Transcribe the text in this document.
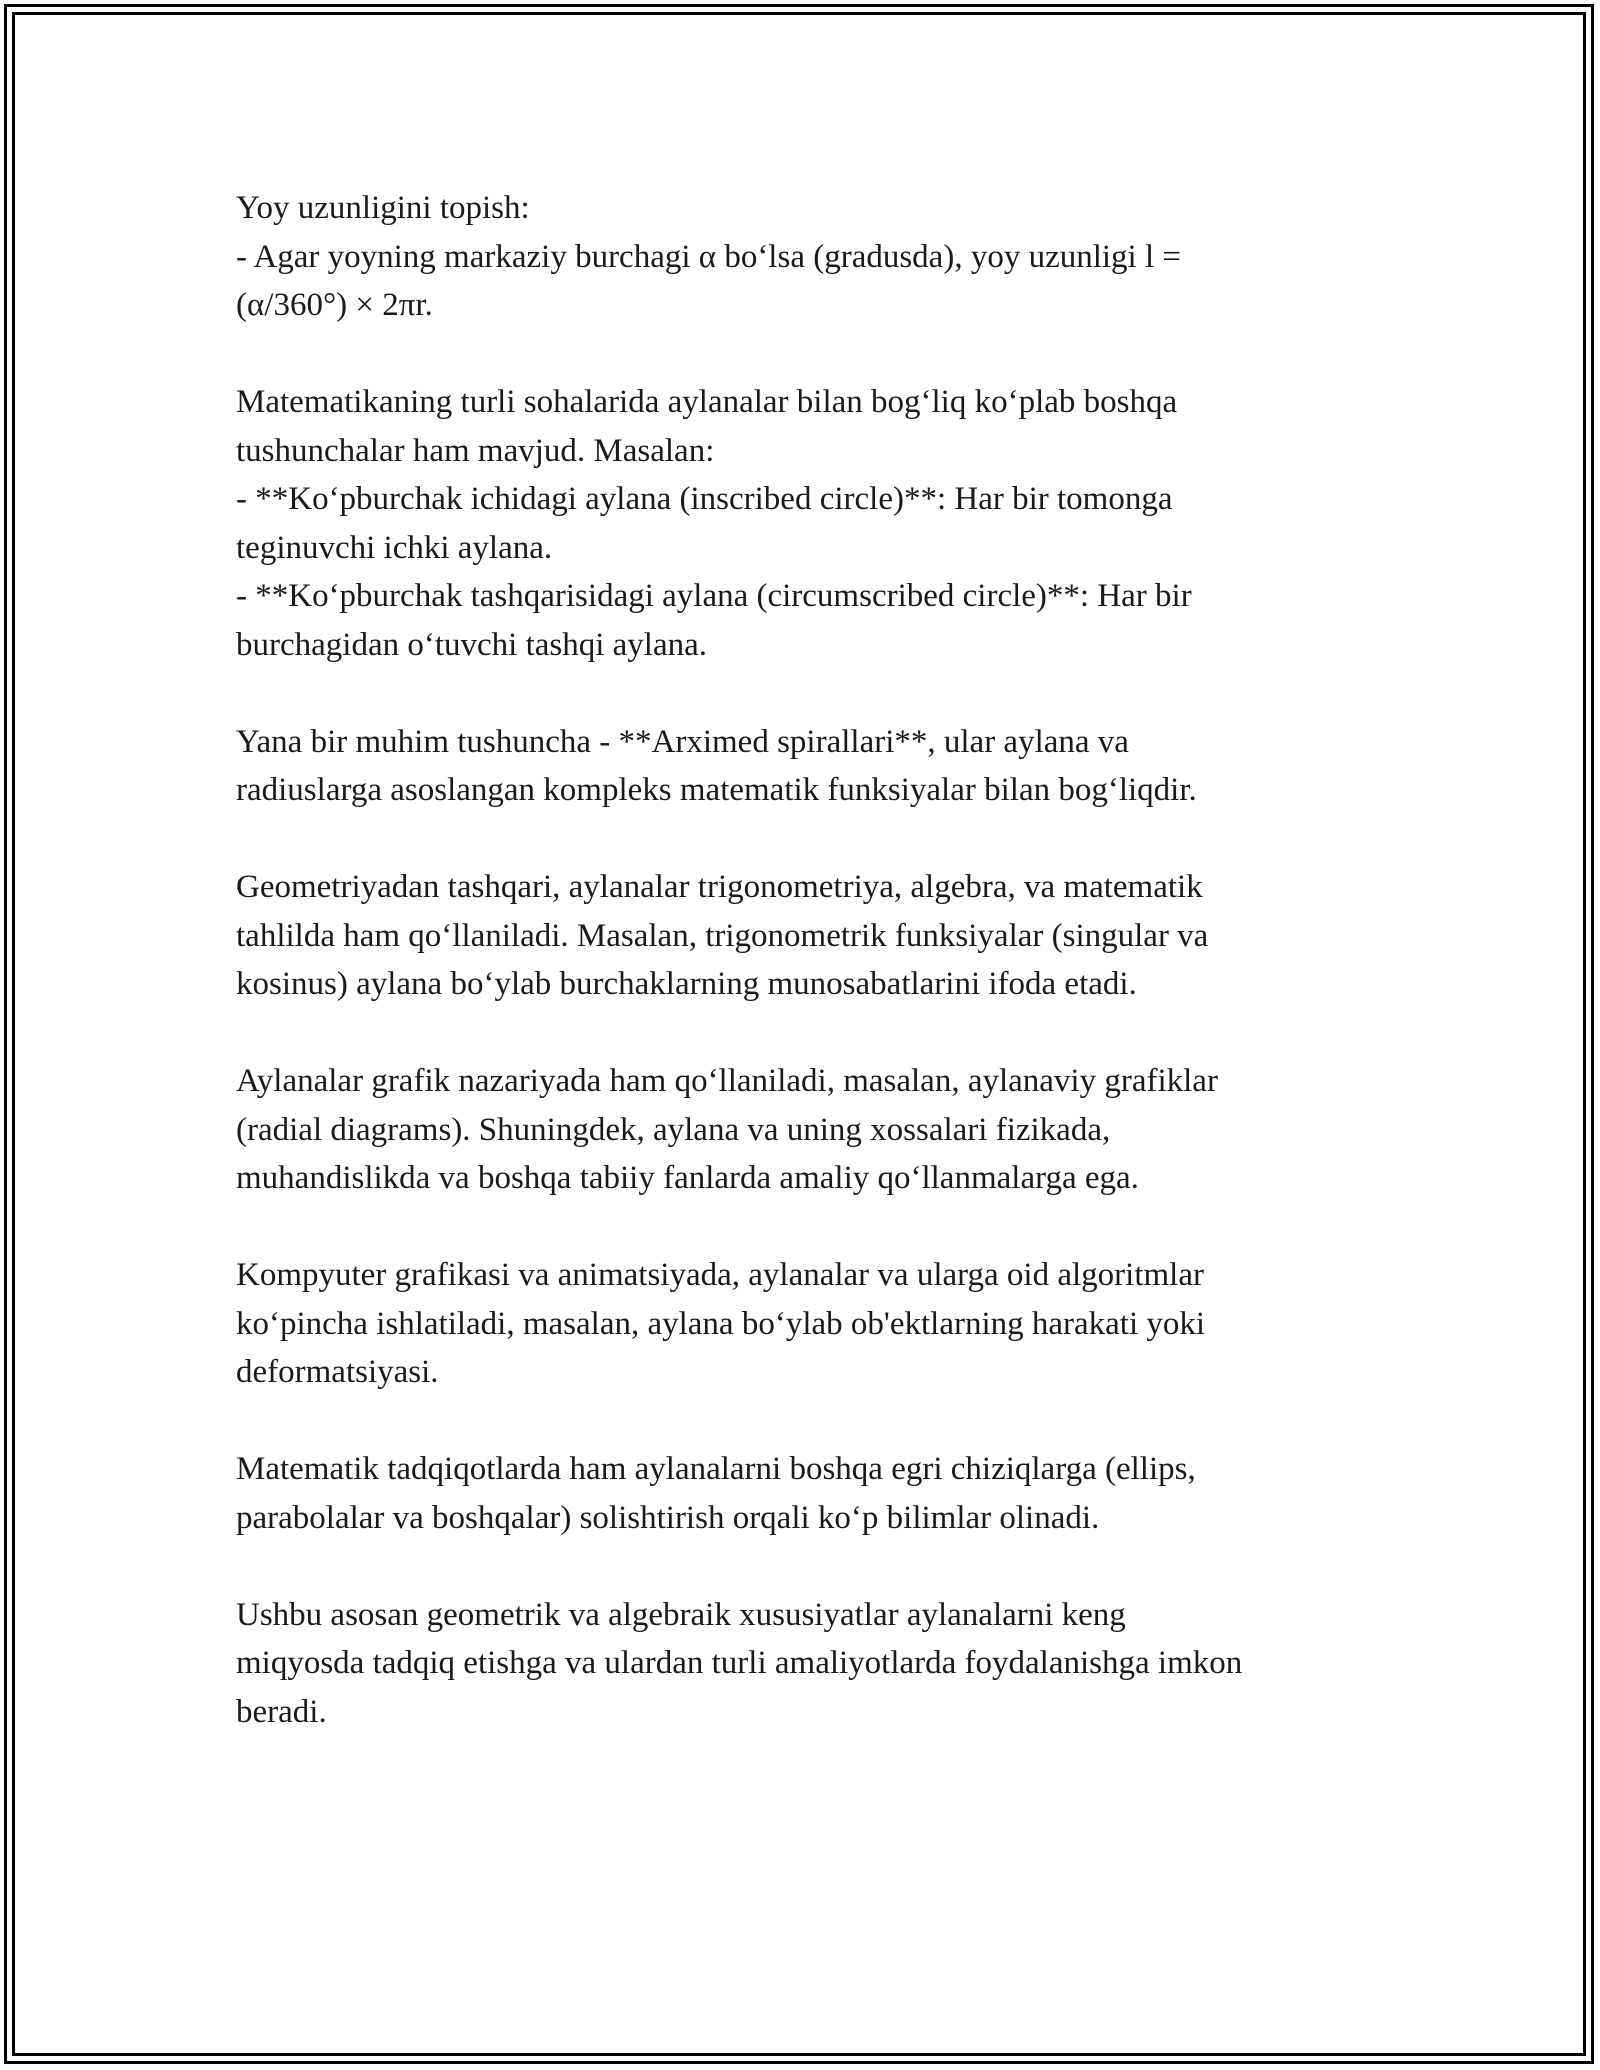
Yoy uzunligini topish:
- Agar yoyning markaziy burchagi α bo‘lsa (gradusda), yoy uzunligi l =
(α/360°) × 2πr.

Matematikaning turli sohalarida aylanalar bilan bog‘liq ko‘plab boshqa
tushunchalar ham mavjud. Masalan:
- **Ko‘pburchak ichidagi aylana (inscribed circle)**: Har bir tomonga
teginuvchi ichki aylana.
- **Ko‘pburchak tashqarisidagi aylana (circumscribed circle)**: Har bir
burchagidan o‘tuvchi tashqi aylana.

Yana bir muhim tushuncha - **Arximed spirallari**, ular aylana va
radiuslarga asoslangan kompleks matematik funksiyalar bilan bog‘liqdir.

Geometriyadan tashqari, aylanalar trigonometriya, algebra, va matematik
tahlilda ham qo‘llaniladi. Masalan, trigonometrik funksiyalar (singular va
kosinus) aylana bo‘ylab burchaklarning munosabatlarini ifoda etadi.

Aylanalar grafik nazariyada ham qo‘llaniladi, masalan, aylanaviy grafiklar
(radial diagrams). Shuningdek, aylana va uning xossalari fizikada,
muhandislikda va boshqa tabiiy fanlarda amaliy qo‘llanmalarga ega.

Kompyuter grafikasi va animatsiyada, aylanalar va ularga oid algoritmlar
ko‘pincha ishlatiladi, masalan, aylana bo‘ylab ob'ektlarning harakati yoki
deformatsiyasi.

Matematik tadqiqotlarda ham aylanalarni boshqa egri chiziqlarga (ellips,
parabolalar va boshqalar) solishtirish orqali ko‘p bilimlar olinadi.

Ushbu asosan geometrik va algebraik xususiyatlar aylanalarni keng
miqyosda tadqiq etishga va ulardan turli amaliyotlarda foydalanishga imkon
beradi.
